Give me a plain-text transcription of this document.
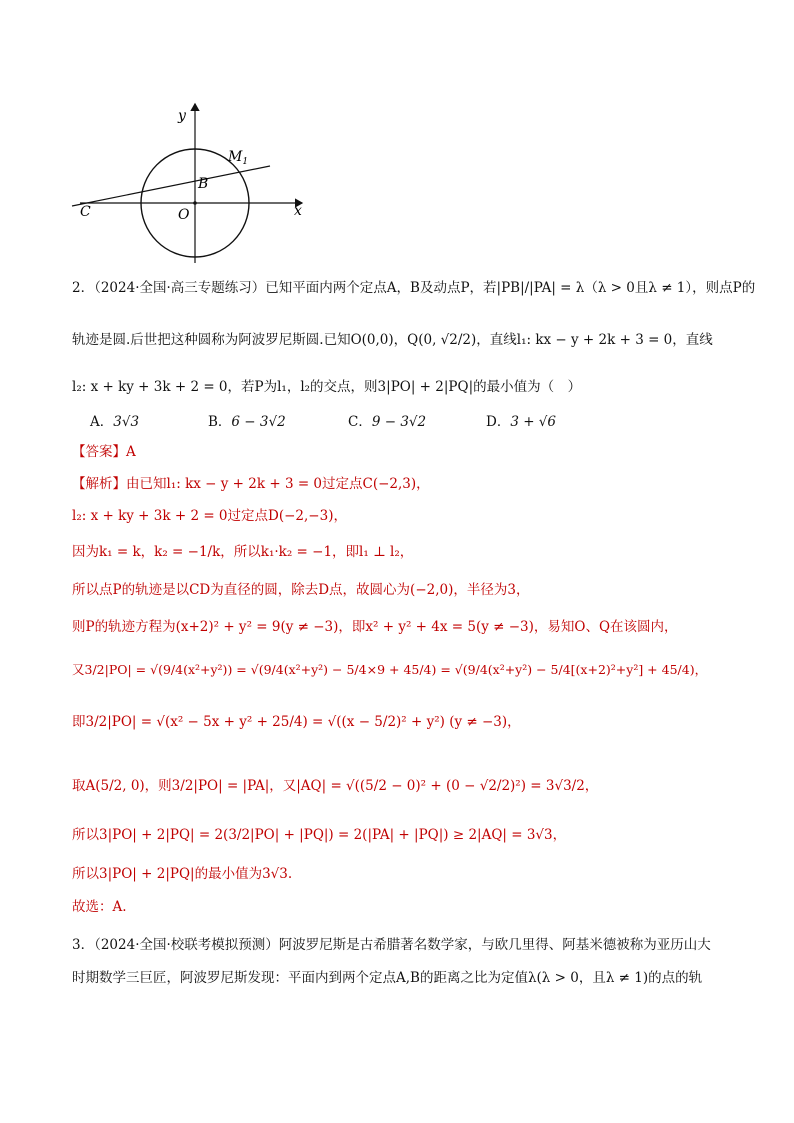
y
x
O
B
C
$M_1$
2．（2024·全国·高三专题练习）已知平面内两个定点A，B及动点P，若|PB|/|PA| = λ（λ > 0且λ ≠ 1），则点P的
轨迹是圆.后世把这种圆称为阿波罗尼斯圆.已知O(0,0)，Q(0, √2/2)，直线l₁: kx − y + 2k + 3 = 0，直线
l₂: x + ky + 3k + 2 = 0，若P为l₁，l₂的交点，则3|PO| + 2|PQ|的最小值为（　）
A．3√3	B．6 − 3√2	C．9 − 3√2	D．3 + √6
【答案】A
【解析】由已知l₁: kx − y + 2k + 3 = 0过定点C(−2,3)，
l₂: x + ky + 3k + 2 = 0过定点D(−2,−3)，
因为k₁ = k，k₂ = −1/k，所以k₁·k₂ = −1，即l₁ ⊥ l₂，
所以点P的轨迹是以CD为直径的圆，除去D点，故圆心为(−2,0)，半径为3，
则P的轨迹方程为(x+2)² + y² = 9(y ≠ −3)，即x² + y² + 4x = 5(y ≠ −3)，易知O、Q在该圆内，
又3/2|PO| = √(9/4(x²+y²)) = √(9/4(x²+y²) − 5/4×9 + 45/4) = √(9/4(x²+y²) − 5/4[(x+2)²+y²] + 45/4)，
即3/2|PO| = √(x² − 5x + y² + 25/4) = √((x − 5/2)² + y²) (y ≠ −3)，
取A(5/2, 0)，则3/2|PO| = |PA|，又|AQ| = √((5/2 − 0)² + (0 − √2/2)²) = 3√3/2，
所以3|PO| + 2|PQ| = 2(3/2|PO| + |PQ|) = 2(|PA| + |PQ|) ≥ 2|AQ| = 3√3，
所以3|PO| + 2|PQ|的最小值为3√3.
故选：A.
3．（2024·全国·校联考模拟预测）阿波罗尼斯是古希腊著名数学家，与欧几里得、阿基米德被称为亚历山大
时期数学三巨匠，阿波罗尼斯发现：平面内到两个定点A,B的距离之比为定值λ(λ > 0，且λ ≠ 1)的点的轨
